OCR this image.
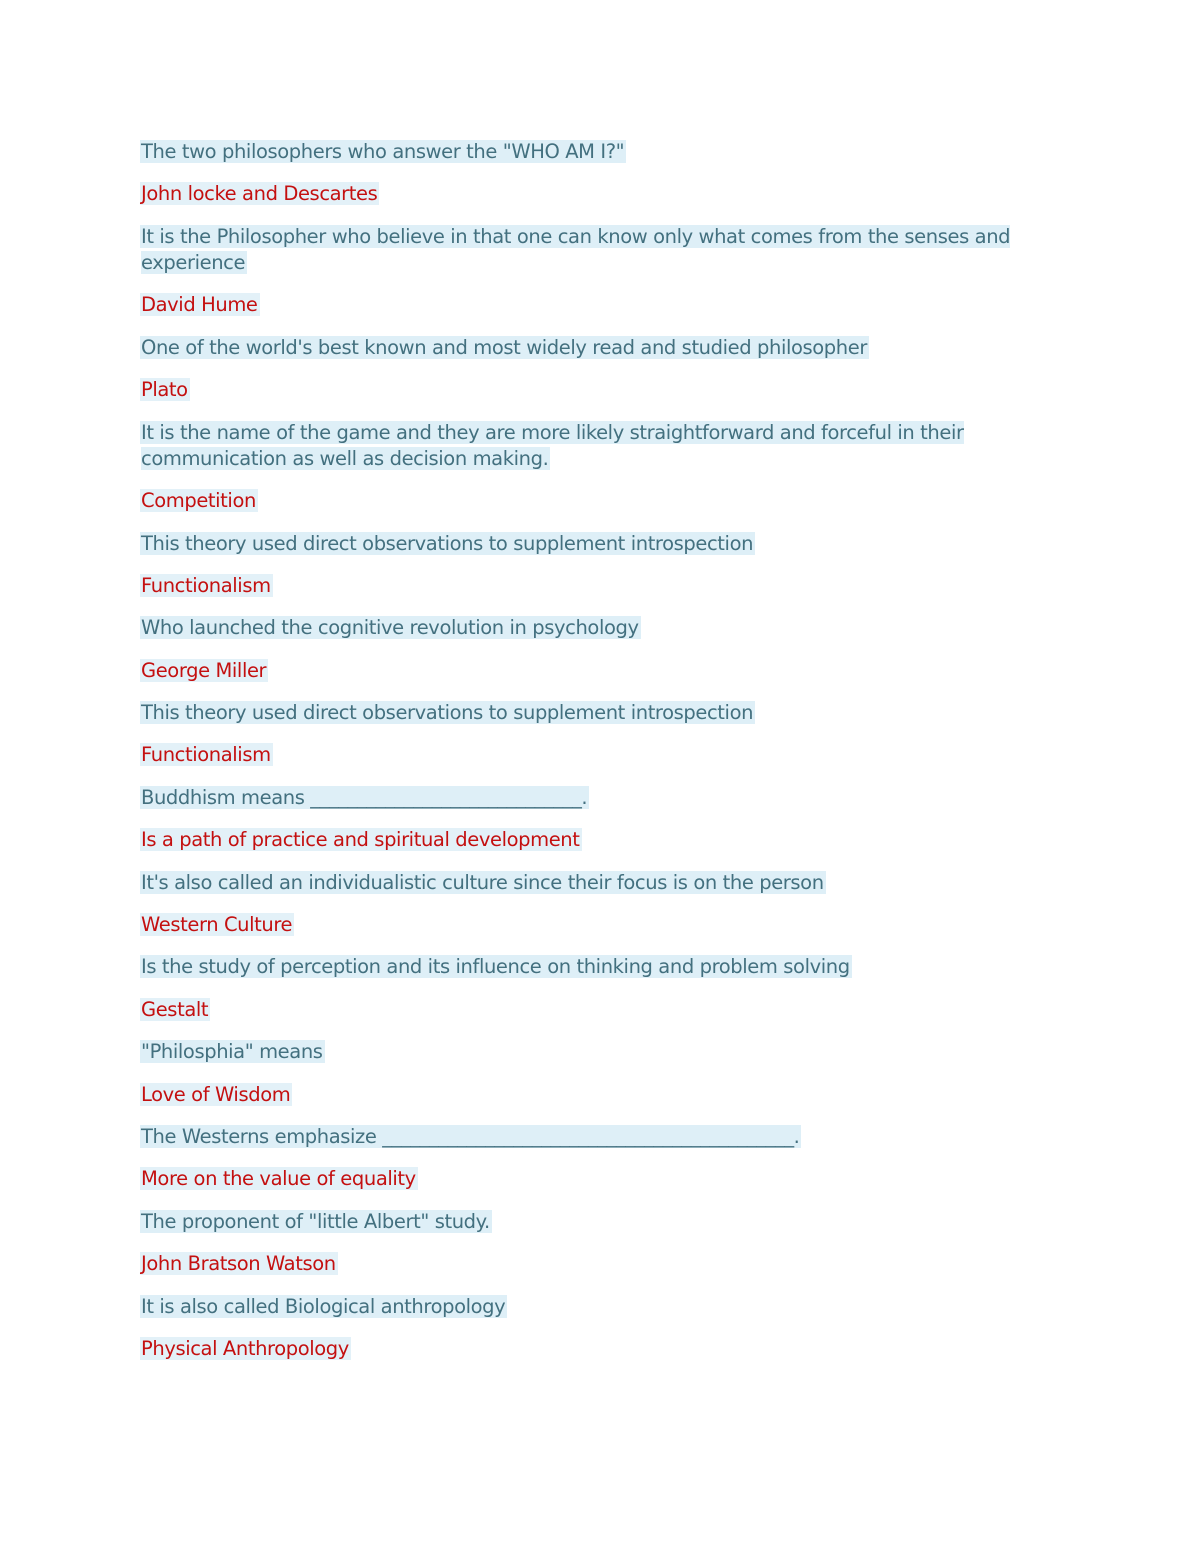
The two philosophers who answer the "WHO AM I?"

John locke and Descartes

It is the Philosopher who believe in that one can know only what comes from the senses and experience

David Hume

One of the world's best known and most widely read and studied philosopher

Plato

It is the name of the game and they are more likely straightforward and forceful in their communication as well as decision making.

Competition

This theory used direct observations to supplement introspection

Functionalism

Who launched the cognitive revolution in psychology

George Miller

This theory used direct observations to supplement introspection

Functionalism

Buddhism means _____________________________.

Is a path of practice and spiritual development

It's also called an individualistic culture since their focus is on the person

Western Culture

Is the study of perception and its influence on thinking and problem solving

Gestalt

"Philosphia" means

Love of Wisdom

The Westerns emphasize ____________________________________________.

More on the value of equality

The proponent of "little Albert" study.

John Bratson Watson

It is also called Biological anthropology

Physical Anthropology
